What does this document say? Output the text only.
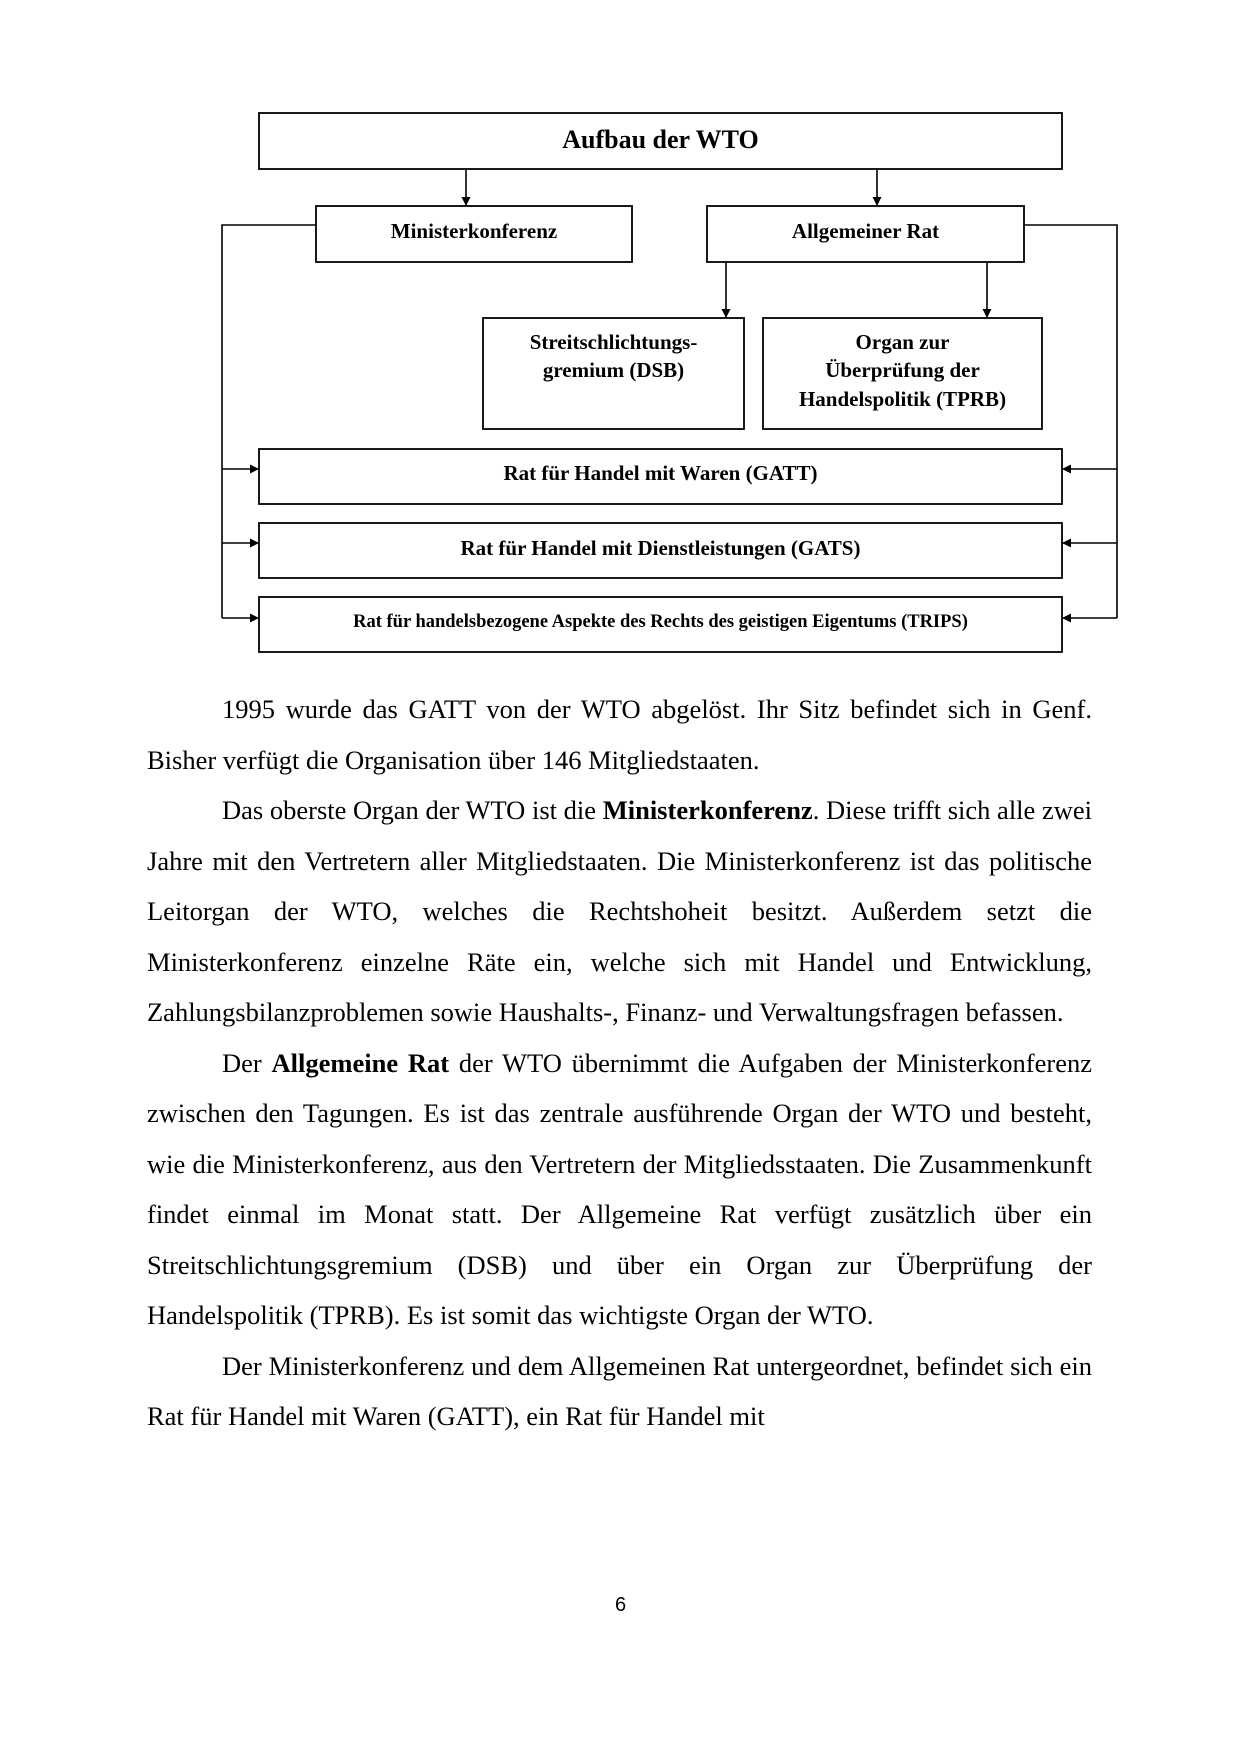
Aufbau der WTO
Ministerkonferenz	Allgemeiner Rat
Streitschlichtungs-
gremium (DSB)
Organ zur
Überprüfung der
Handelspolitik (TPRB)
Rat für Handel mit Waren (GATT)
Rat für Handel mit Dienstleistungen (GATS)
Rat für handelsbezogene Aspekte des Rechts des geistigen Eigentums (TRIPS)

1995 wurde das GATT von der WTO abgelöst. Ihr Sitz befindet sich in Genf. Bisher verfügt die Organisation über 146 Mitgliedstaaten.

Das oberste Organ der WTO ist die Ministerkonferenz. Diese trifft sich alle zwei Jahre mit den Vertretern aller Mitgliedstaaten. Die Ministerkonferenz ist das politische Leitorgan der WTO, welches die Rechtshoheit besitzt. Außerdem setzt die Ministerkonferenz einzelne Räte ein, welche sich mit Handel und Entwicklung, Zahlungsbilanzproblemen sowie Haushalts-, Finanz- und Verwaltungsfragen befassen.

Der Allgemeine Rat der WTO übernimmt die Aufgaben der Ministerkonferenz zwischen den Tagungen. Es ist das zentrale ausführende Organ der WTO und besteht, wie die Ministerkonferenz, aus den Vertretern der Mitgliedsstaaten. Die Zusammenkunft findet einmal im Monat statt. Der Allgemeine Rat verfügt zusätzlich über ein Streitschlichtungsgremium (DSB) und über ein Organ zur Überprüfung der Handelspolitik (TPRB). Es ist somit das wichtigste Organ der WTO.

Der Ministerkonferenz und dem Allgemeinen Rat untergeordnet, befindet sich ein Rat für Handel mit Waren (GATT), ein Rat für Handel mit

6
